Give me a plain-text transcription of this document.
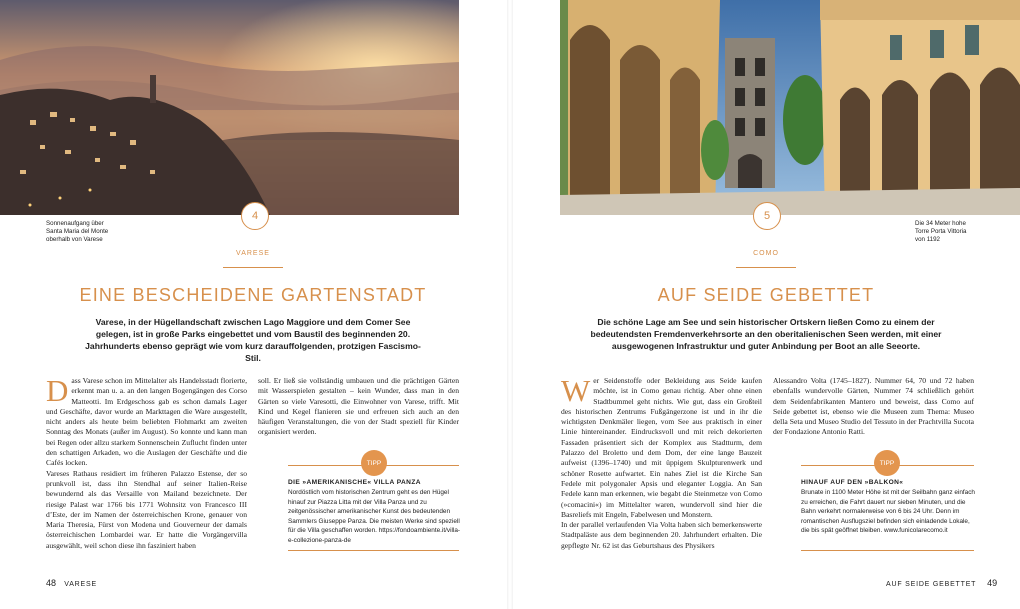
Sonnenaufgang über
Santa Maria del Monte
oberhalb von Varese
4
VARESE
EINE BESCHEIDENE GARTENSTADT
Varese, in der Hügellandschaft zwischen Lago Maggiore und dem Comer See gelegen, ist in große Parks eingebettet und vom Baustil des beginnenden 20. Jahrhunderts ebenso geprägt wie vom kurz darauffolgenden, protzigen Fascismo-Stil.

Dass Varese schon im Mittelalter als Handelsstadt florierte, erkennt man u. a. an den langen Bogengängen des Corso Matteotti. Im Erdgeschoss gab es schon damals Lager und Geschäfte, davor wurde an Markttagen die Ware ausgestellt, nicht anders als heute beim beliebten Flohmarkt am zweiten Sonntag des Monats (außer im August). So konnte und kann man bei Regen oder allzu starkem Sonnenschein Zuflucht finden unter den schattigen Arkaden, wo die Auslagen der Geschäfte und die Cafés locken.

Vareses Rathaus residiert im früheren Palazzo Estense, der so prunkvoll ist, dass ihn Stendhal auf seiner Italien-Reise bewundernd als das Versaille von Mailand bezeichnete. Der riesige Palast war 1766 bis 1771 Wohnsitz von Francesco III d’Este, der im Namen der österreichischen Krone, genauer von Maria Theresia, Fürst von Modena und Gouverneur der damals österreichischen Lombardei war. Er hatte die Vorgängervilla ausgewählt, weil schon diese ihn fasziniert haben

soll. Er ließ sie vollständig umbauen und die prächtigen Gärten mit Wasserspielen gestalten – kein Wunder, dass man in den Gärten so viele Varesotti, die Einwohner von Varese, trifft. Mit Kind und Kegel flanieren sie und erfreuen sich auch an den häufigen Veranstaltungen, die von der Stadt speziell für Kinder organisiert werden.

TIPP
DIE »AMERIKANISCHE« VILLA PANZA
Nordöstlich vom historischen Zentrum geht es den Hügel hinauf zur Piazza Litta mit der Villa Panza und zu zeitgenössischer amerikanischer Kunst des bedeutenden Sammlers Giuseppe Panza. Die meisten Werke sind speziell für die Villa geschaffen worden. https://fondoambiente.it/villa-e-collezione-panza-de
48 VARESE
Die 34 Meter hohe
Torre Porta Vittoria
von 1192
5
COMO
AUF SEIDE GEBETTET
Die schöne Lage am See und sein historischer Ortskern ließen Como zu einem der bedeutendsten Fremdenverkehrsorte an den oberitalienischen Seen werden, mit einer ausgewogenen Infrastruktur und guter Anbindung per Boot an alle Seeorte.

Wer Seidenstoffe oder Bekleidung aus Seide kaufen möchte, ist in Como genau richtig. Aber ohne einen Stadtbummel geht nichts. Wie gut, dass ein Großteil des historischen Zentrums Fußgängerzone ist und in ihr die wichtigsten Denkmäler liegen, vom See aus praktisch in einer Linie hintereinander. Eindrucksvoll und mit reich dekorierten Fassaden präsentiert sich der Komplex aus Stadtturm, dem Palazzo del Broletto und dem Dom, der eine lange Bauzeit aufweist (1396–1740) und mit üppigem Skulpturenwerk und schöner Rosette aufwartet. Ein nahes Ziel ist die Kirche San Fedele mit polygonaler Apsis und eleganter Loggia. An San Fedele kann man erkennen, wie begabt die Steinmetze von Como (»comacini«) im Mittelalter waren, wundervoll sind hier die Basreliefs mit Engeln, Fabelwesen und Monstern.

In der parallel verlaufenden Via Volta haben sich bemerkenswerte Stadtpaläste aus dem beginnenden 20. Jahrhundert erhalten. Die gepflegte Nr. 62 ist das Geburtshaus des Physikers

Alessandro Volta (1745–1827). Nummer 64, 70 und 72 haben ebenfalls wundervolle Gärten, Nummer 74 schließlich gehört dem Seidenfabrikanten Mantero und beweist, dass Como auf Seide gebettet ist, ebenso wie die Museen zum Thema: Museo della Seta und Museo Studio del Tessuto in der Prachtvilla Sucota der Fondazione Antonio Ratti.

TIPP
HINAUF AUF DEN »BALKON«
Brunate in 1100 Meter Höhe ist mit der Seilbahn ganz einfach zu erreichen, die Fahrt dauert nur sieben Minuten, und die Bahn verkehrt normalerweise von 6 bis 24 Uhr. Denn im romantischen Ausflugsziel befinden sich einladende Lokale, die bis spät geöffnet bleiben. www.funicolarecomo.it
AUF SEIDE GEBETTET 49
